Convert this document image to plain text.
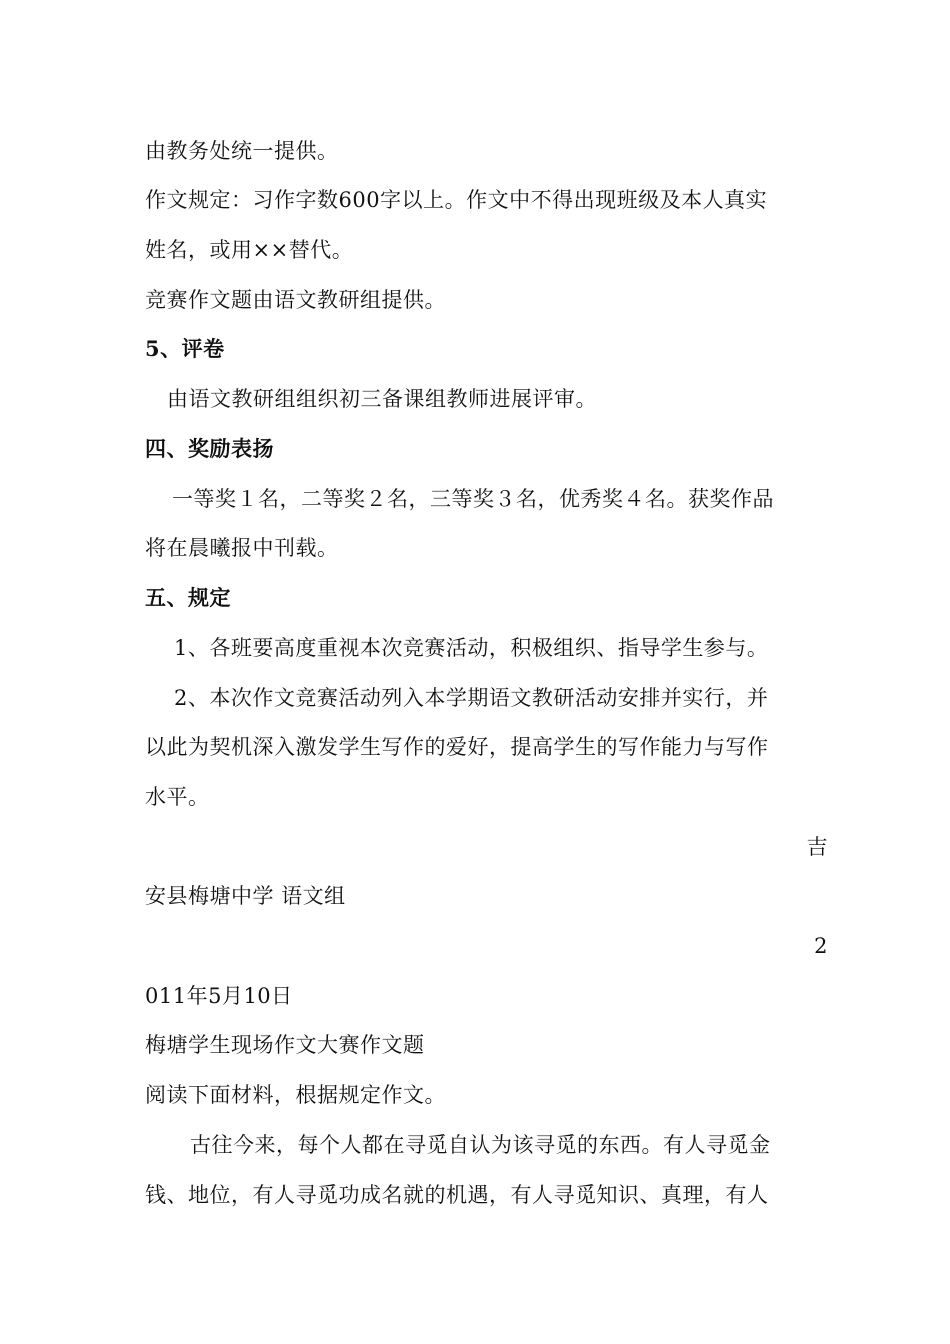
由教务处统一提供。
作文规定：习作字数600字以上。作文中不得出现班级及本人真实
姓名，或用××替代。
竞赛作文题由语文教研组提供。
5、评卷
由语文教研组组织初三备课组教师进展评审。
四、奖励表扬
一等奖１名，二等奖２名，三等奖３名，优秀奖４名。获奖作品
将在晨曦报中刊载。
五、规定
1、各班要高度重视本次竞赛活动，积极组织、指导学生参与。
2、本次作文竞赛活动列入本学期语文教研活动安排并实行，并
以此为契机深入激发学生写作的爱好，提高学生的写作能力与写作
水平。
吉
安县梅塘中学 语文组
2
011年5月10日
梅塘学生现场作文大赛作文题
阅读下面材料，根据规定作文。
古往今来，每个人都在寻觅自认为该寻觅的东西。有人寻觅金
钱、地位，有人寻觅功成名就的机遇，有人寻觅知识、真理，有人
